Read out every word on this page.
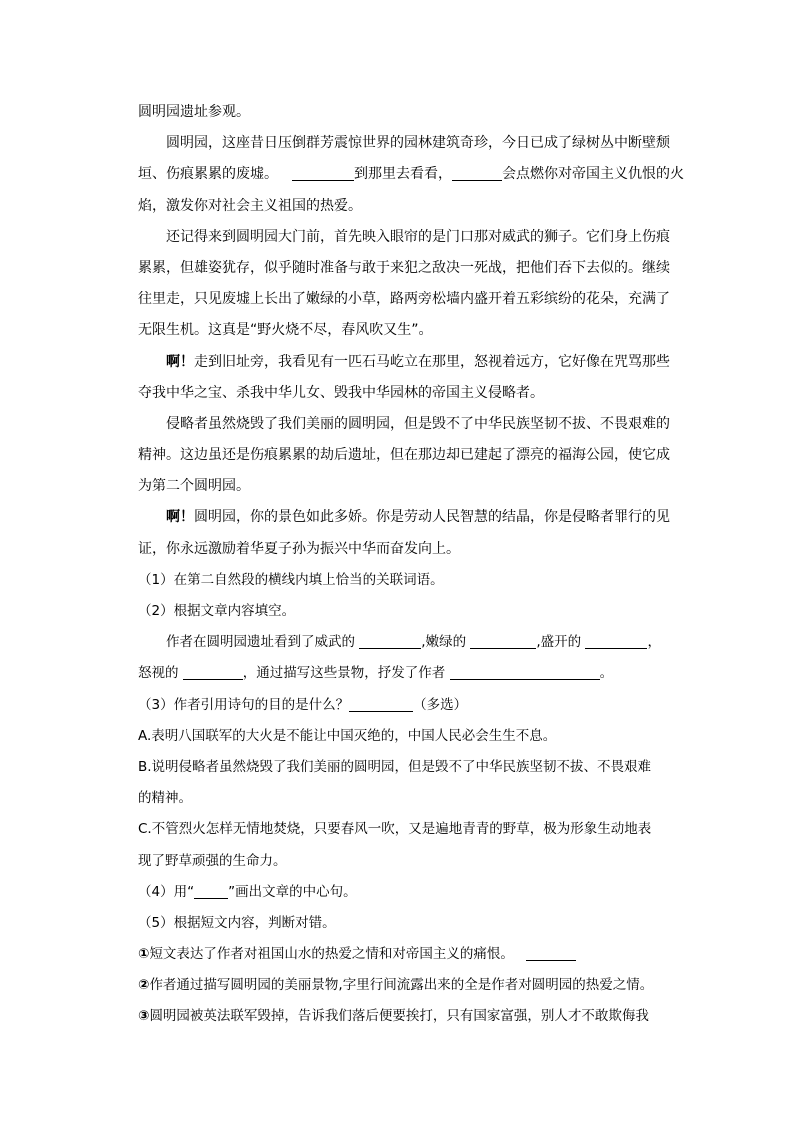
圆明园遗址参观。
圆明园，这座昔日压倒群芳震惊世界的园林建筑奇珍，今日已成了绿树丛中断壁颓
垣、伤痕累累的废墟。	到那里去看看，	会点燃你对帝国主义仇恨的火
焰，激发你对社会主义祖国的热爱。
还记得来到圆明园大门前，首先映入眼帘的是门口那对威武的狮子。它们身上伤痕
累累，但雄姿犹存，似乎随时准备与敢于来犯之敌决一死战，把他们吞下去似的。继续
往里走，只见废墟上长出了嫩绿的小草，路两旁松墙内盛开着五彩缤纷的花朵，充满了
无限生机。这真是“野火烧不尽，春风吹又生”。
啊！走到旧址旁，我看见有一匹石马屹立在那里，怒视着远方，它好像在咒骂那些
夺我中华之宝、杀我中华儿女、毁我中华园林的帝国主义侵略者。
侵略者虽然烧毁了我们美丽的圆明园，但是毁不了中华民族坚韧不拔、不畏艰难的
精神。这边虽还是伤痕累累的劫后遗址，但在那边却已建起了漂亮的福海公园，使它成
为第二个圆明园。
啊！圆明园，你的景色如此多娇。你是劳动人民智慧的结晶，你是侵略者罪行的见
证，你永远激励着华夏子孙为振兴中华而奋发向上。
（1）在第二自然段的横线内填上恰当的关联词语。
（2）根据文章内容填空。
作者在圆明园遗址看到了威武的	,嫩绿的	,盛开的	，
怒视的	，通过描写这些景物，抒发了作者	。
（3）作者引用诗句的目的是什么？	（多选）
A.表明八国联军的大火是不能让中国灭绝的，中国人民必会生生不息。
B.说明侵略者虽然烧毁了我们美丽的圆明园，但是毁不了中华民族坚韧不拔、不畏艰难
的精神。
C.不管烈火怎样无情地焚烧，只要春风一吹，又是遍地青青的野草，极为形象生动地表
现了野草顽强的生命力。
（4）用“	”画出文章的中心句。
（5）根据短文内容，判断对错。
①短文表达了作者对祖国山水的热爱之情和对帝国主义的痛恨。
②作者通过描写圆明园的美丽景物,字里行间流露出来的全是作者对圆明园的热爱之情。
③圆明园被英法联军毁掉，告诉我们落后便要挨打，只有国家富强，别人才不敢欺侮我
